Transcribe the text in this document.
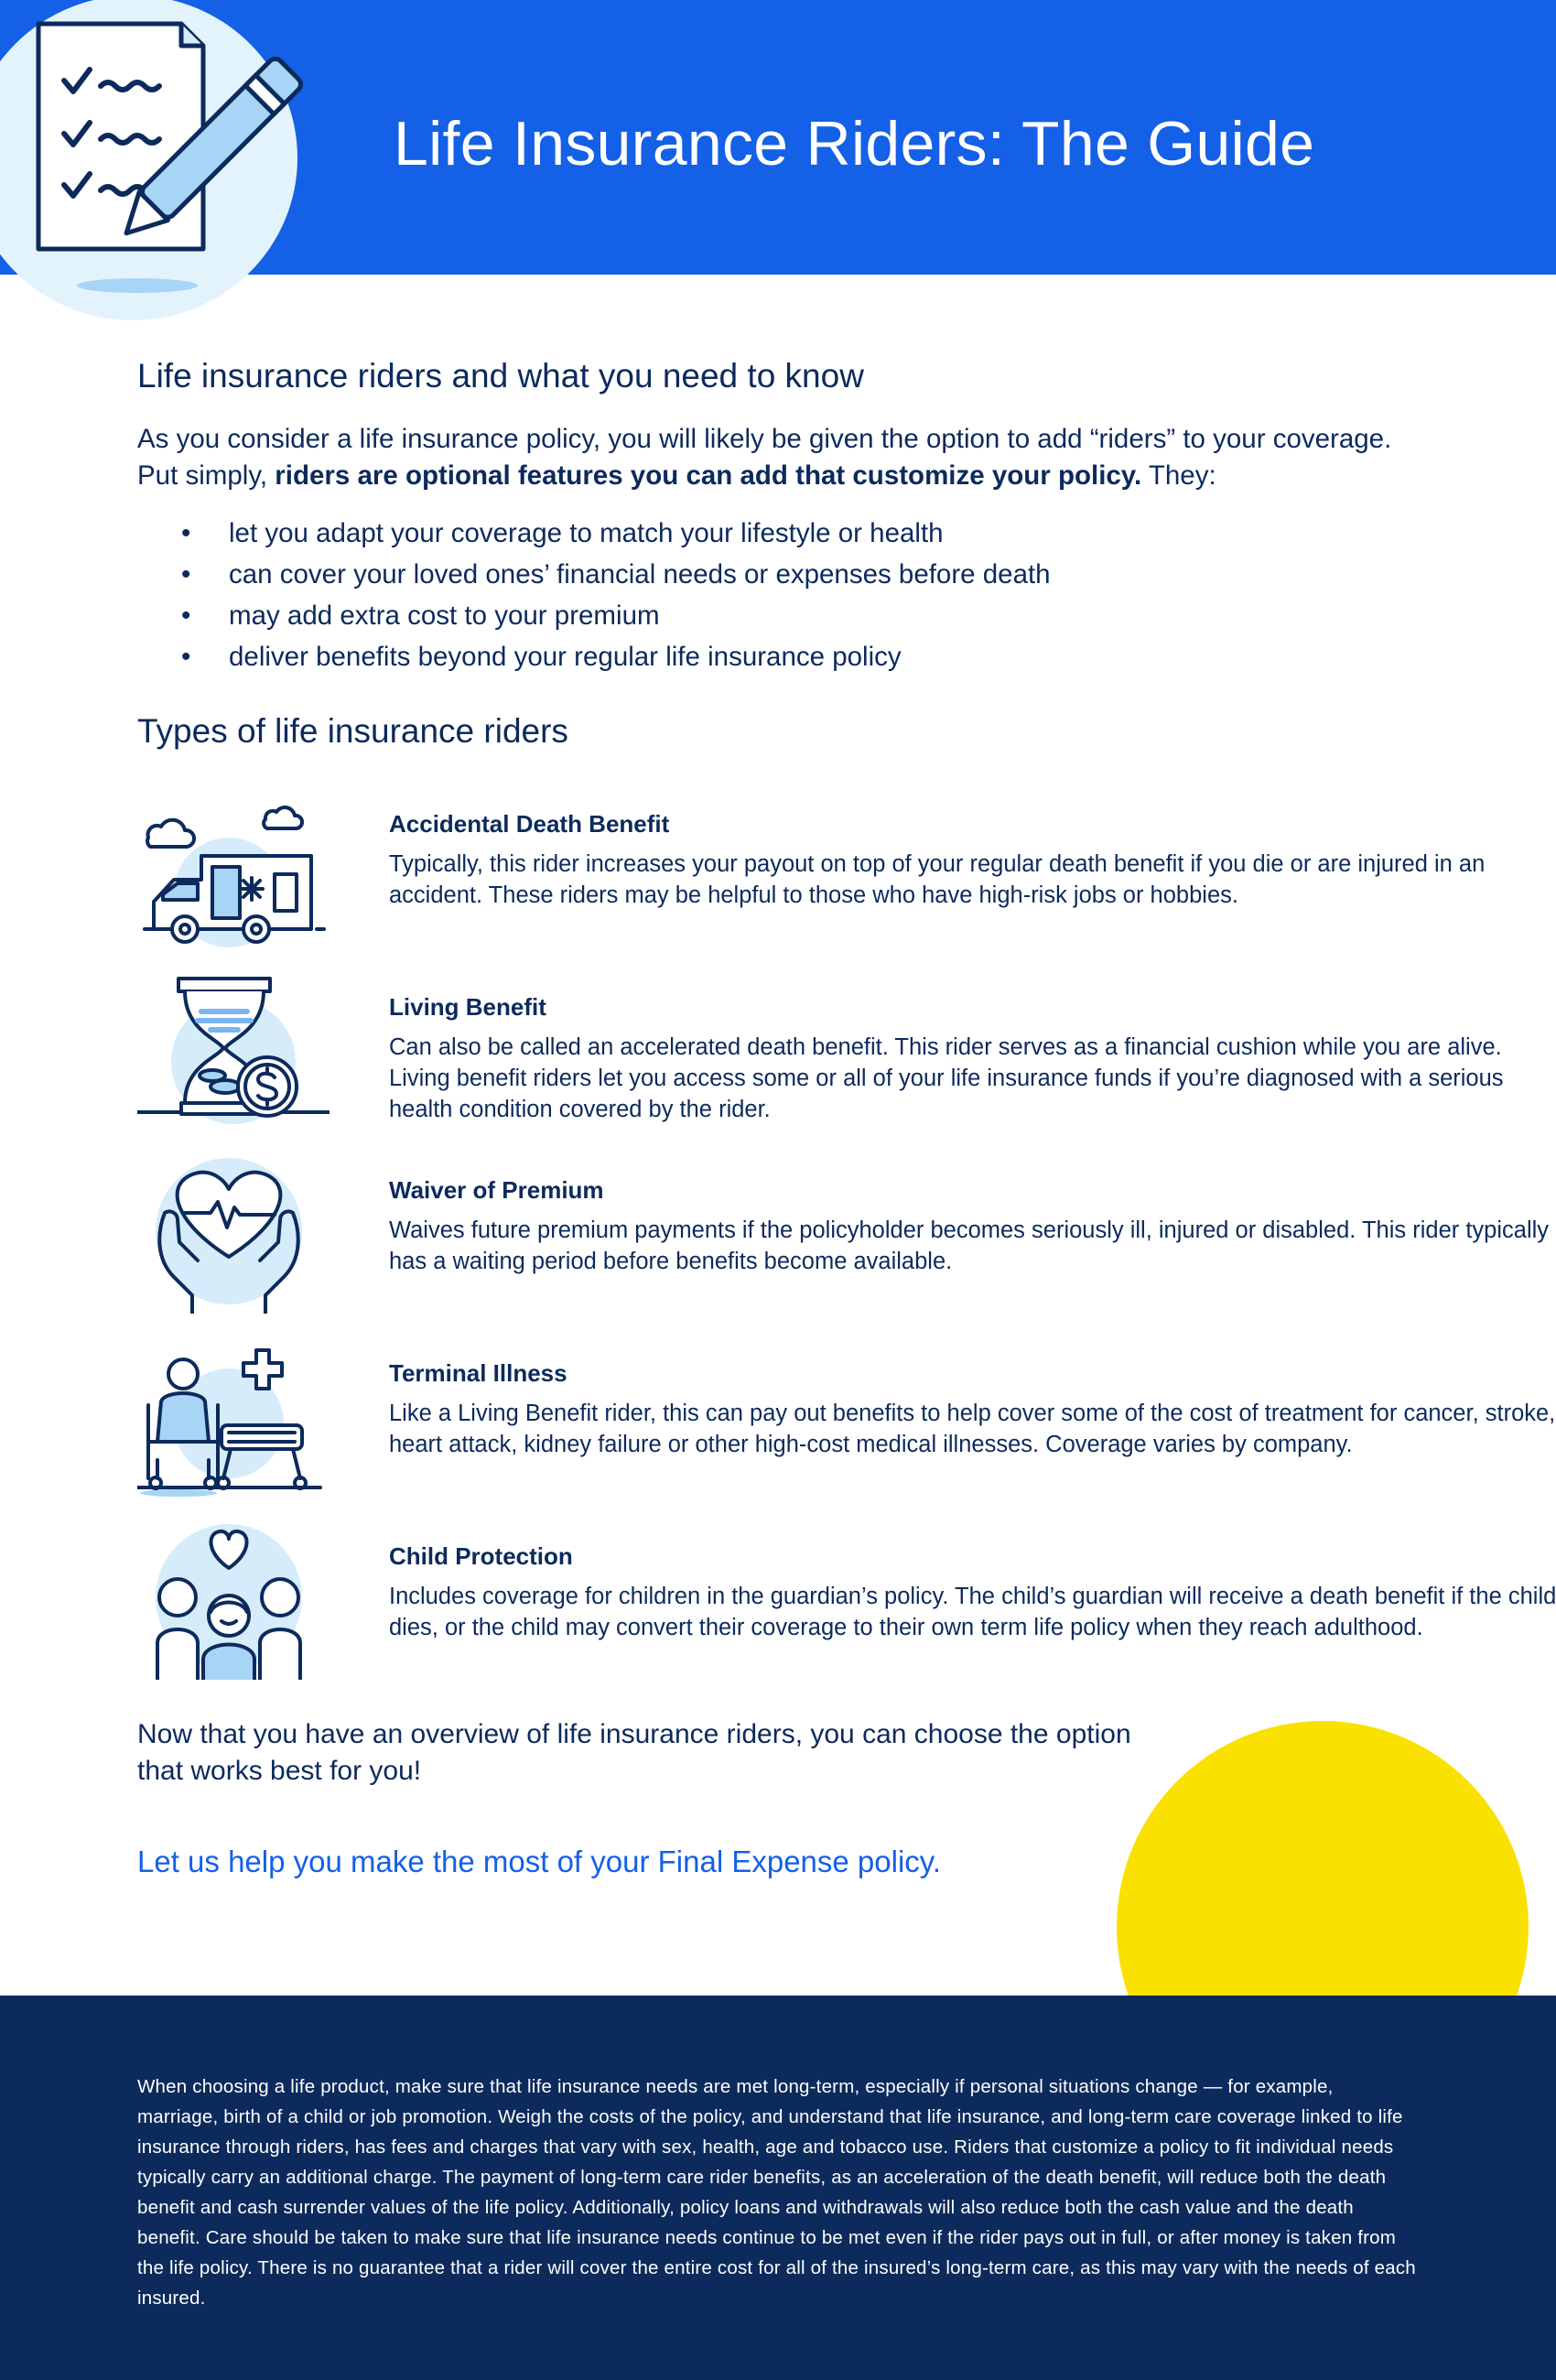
Life Insurance Riders: The Guide
Life insurance riders and what you need to know
As you consider a life insurance policy, you will likely be given the option to add “riders” to your coverage. Put simply, riders are optional features you can add that customize your policy. They:
• let you adapt your coverage to match your lifestyle or health
• can cover your loved ones’ financial needs or expenses before death
• may add extra cost to your premium
• deliver benefits beyond your regular life insurance policy
Types of life insurance riders
Accidental Death Benefit
Typically, this rider increases your payout on top of your regular death benefit if you die or are injured in an accident. These riders may be helpful to those who have high-risk jobs or hobbies.
Living Benefit
Can also be called an accelerated death benefit. This rider serves as a financial cushion while you are alive. Living benefit riders let you access some or all of your life insurance funds if you’re diagnosed with a serious health condition covered by the rider.
Waiver of Premium
Waives future premium payments if the policyholder becomes seriously ill, injured or disabled. This rider typically has a waiting period before benefits become available.
Terminal Illness
Like a Living Benefit rider, this can pay out benefits to help cover some of the cost of treatment for cancer, stroke, heart attack, kidney failure or other high-cost medical illnesses. Coverage varies by company.
Child Protection
Includes coverage for children in the guardian’s policy. The child’s guardian will receive a death benefit if the child dies, or the child may convert their coverage to their own term life policy when they reach adulthood.
Now that you have an overview of life insurance riders, you can choose the option that works best for you!
Let us help you make the most of your Final Expense policy.
When choosing a life product, make sure that life insurance needs are met long-term, especially if personal situations change — for example, marriage, birth of a child or job promotion. Weigh the costs of the policy, and understand that life insurance, and long-term care coverage linked to life insurance through riders, has fees and charges that vary with sex, health, age and tobacco use. Riders that customize a policy to fit individual needs typically carry an additional charge. The payment of long-term care rider benefits, as an acceleration of the death benefit, will reduce both the death benefit and cash surrender values of the life policy. Additionally, policy loans and withdrawals will also reduce both the cash value and the death benefit. Care should be taken to make sure that life insurance needs continue to be met even if the rider pays out in full, or after money is taken from the life policy. There is no guarantee that a rider will cover the entire cost for all of the insured’s long-term care, as this may vary with the needs of each insured.
